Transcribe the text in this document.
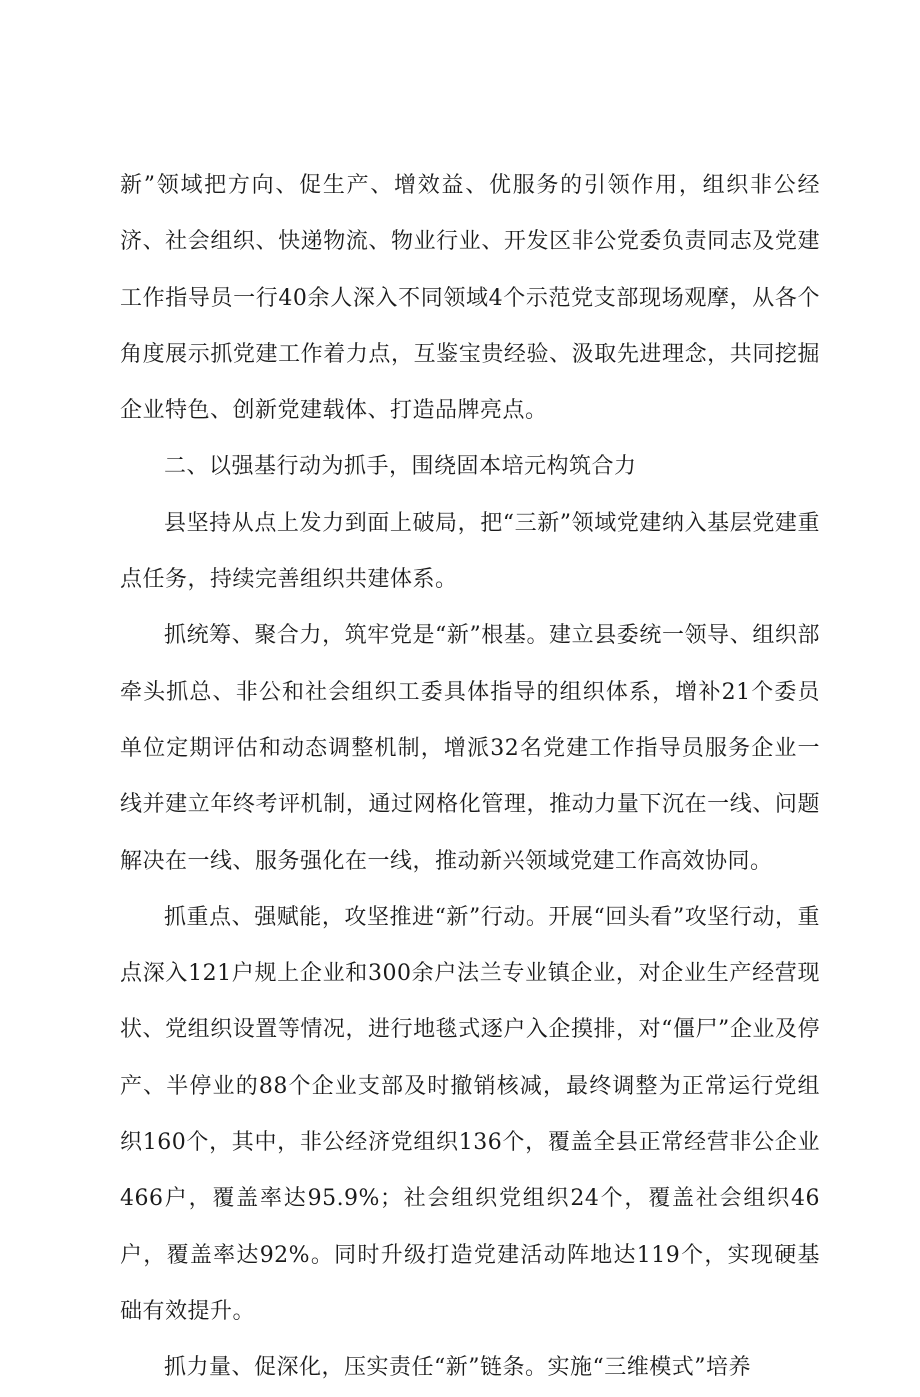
新”领域把方向、促生产、增效益、优服务的引领作用，组织非公经济、社会组织、快递物流、物业行业、开发区非公党委负责同志及党建工作指导员一行40余人深入不同领域4个示范党支部现场观摩，从各个角度展示抓党建工作着力点，互鉴宝贵经验、汲取先进理念，共同挖掘企业特色、创新党建载体、打造品牌亮点。

二、以强基行动为抓手，围绕固本培元构筑合力

县坚持从点上发力到面上破局，把“三新”领域党建纳入基层党建重点任务，持续完善组织共建体系。

抓统筹、聚合力，筑牢党是“新”根基。建立县委统一领导、组织部牵头抓总、非公和社会组织工委具体指导的组织体系，增补21个委员单位定期评估和动态调整机制，增派32名党建工作指导员服务企业一线并建立年终考评机制，通过网格化管理，推动力量下沉在一线、问题解决在一线、服务强化在一线，推动新兴领域党建工作高效协同。

抓重点、强赋能，攻坚推进“新”行动。开展“回头看”攻坚行动，重点深入121户规上企业和300余户法兰专业镇企业，对企业生产经营现状、党组织设置等情况，进行地毯式逐户入企摸排，对“僵尸”企业及停产、半停业的88个企业支部及时撤销核减，最终调整为正常运行党组织160个，其中，非公经济党组织136个，覆盖全县正常经营非公企业466户，覆盖率达95.9%；社会组织党组织24个，覆盖社会组织46户，覆盖率达92%。同时升级打造党建活动阵地达119个，实现硬基础有效提升。

抓力量、促深化，压实责任“新”链条。实施“三维模式”培养
